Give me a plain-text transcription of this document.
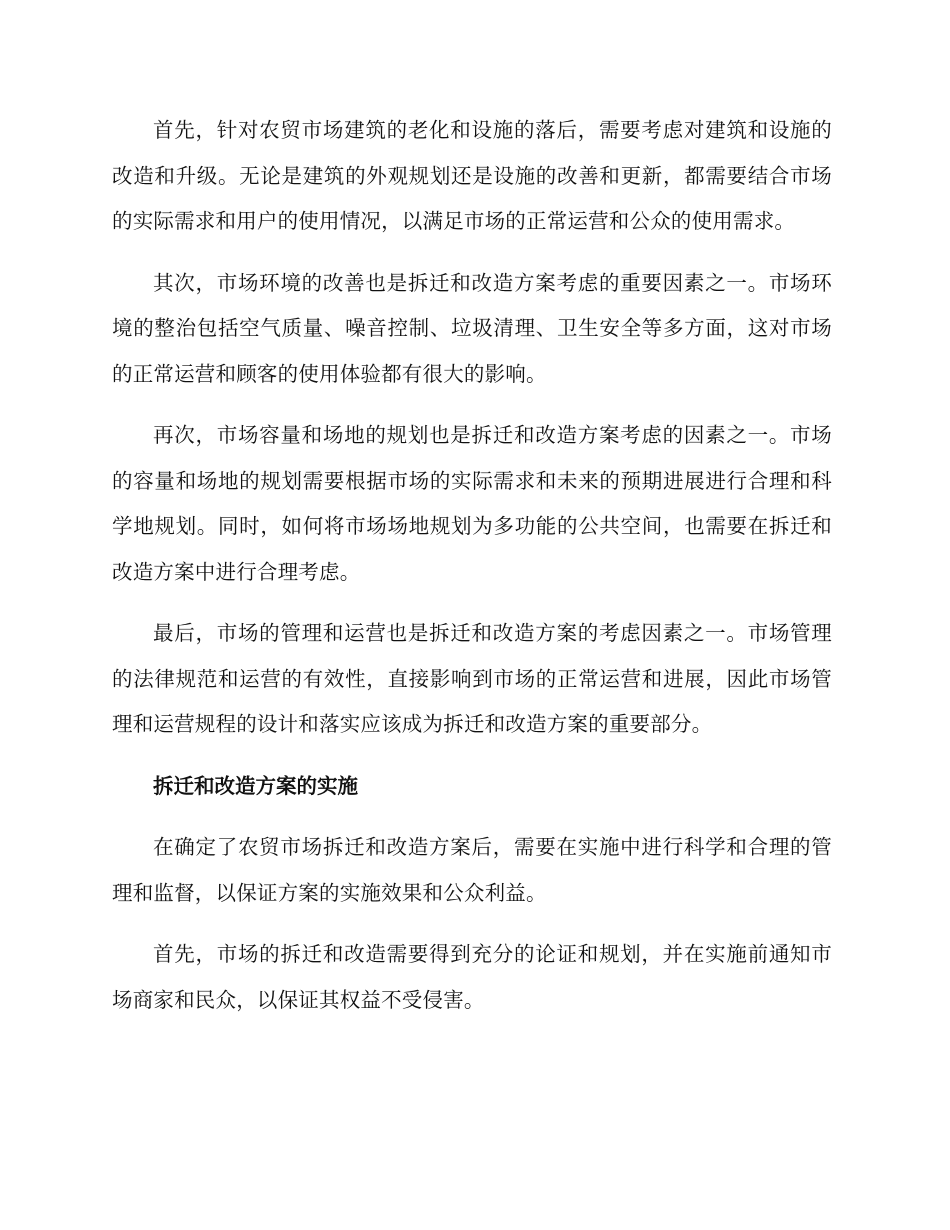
首先，针对农贸市场建筑的老化和设施的落后，需要考虑对建筑和设施的改造和升级。无论是建筑的外观规划还是设施的改善和更新，都需要结合市场的实际需求和用户的使用情况，以满足市场的正常运营和公众的使用需求。

其次，市场环境的改善也是拆迁和改造方案考虑的重要因素之一。市场环境的整治包括空气质量、噪音控制、垃圾清理、卫生安全等多方面，这对市场的正常运营和顾客的使用体验都有很大的影响。

再次，市场容量和场地的规划也是拆迁和改造方案考虑的因素之一。市场的容量和场地的规划需要根据市场的实际需求和未来的预期进展进行合理和科学地规划。同时，如何将市场场地规划为多功能的公共空间，也需要在拆迁和改造方案中进行合理考虑。

最后，市场的管理和运营也是拆迁和改造方案的考虑因素之一。市场管理的法律规范和运营的有效性，直接影响到市场的正常运营和进展，因此市场管理和运营规程的设计和落实应该成为拆迁和改造方案的重要部分。

拆迁和改造方案的实施

在确定了农贸市场拆迁和改造方案后，需要在实施中进行科学和合理的管理和监督，以保证方案的实施效果和公众利益。

首先，市场的拆迁和改造需要得到充分的论证和规划，并在实施前通知市场商家和民众，以保证其权益不受侵害。
